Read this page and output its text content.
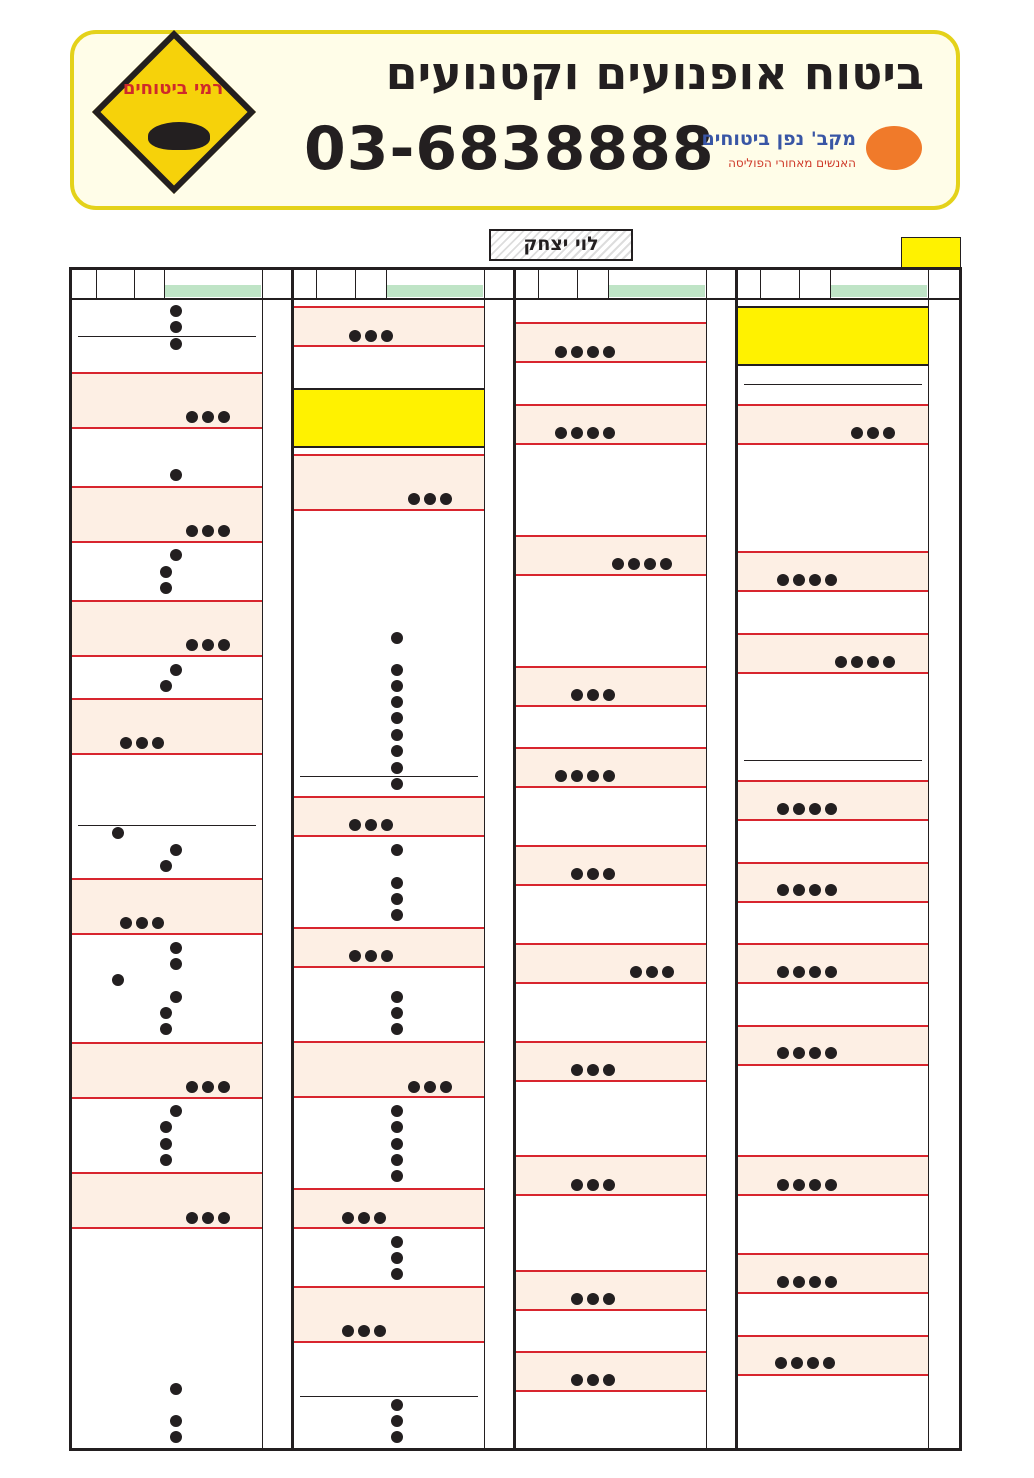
רמי ביטוחים	ביטוח אופנועים וקטנועים
03-6838888
מקב' נפן ביטוחים
האנשים מאחורי הפוליסה
לוי יצחק
